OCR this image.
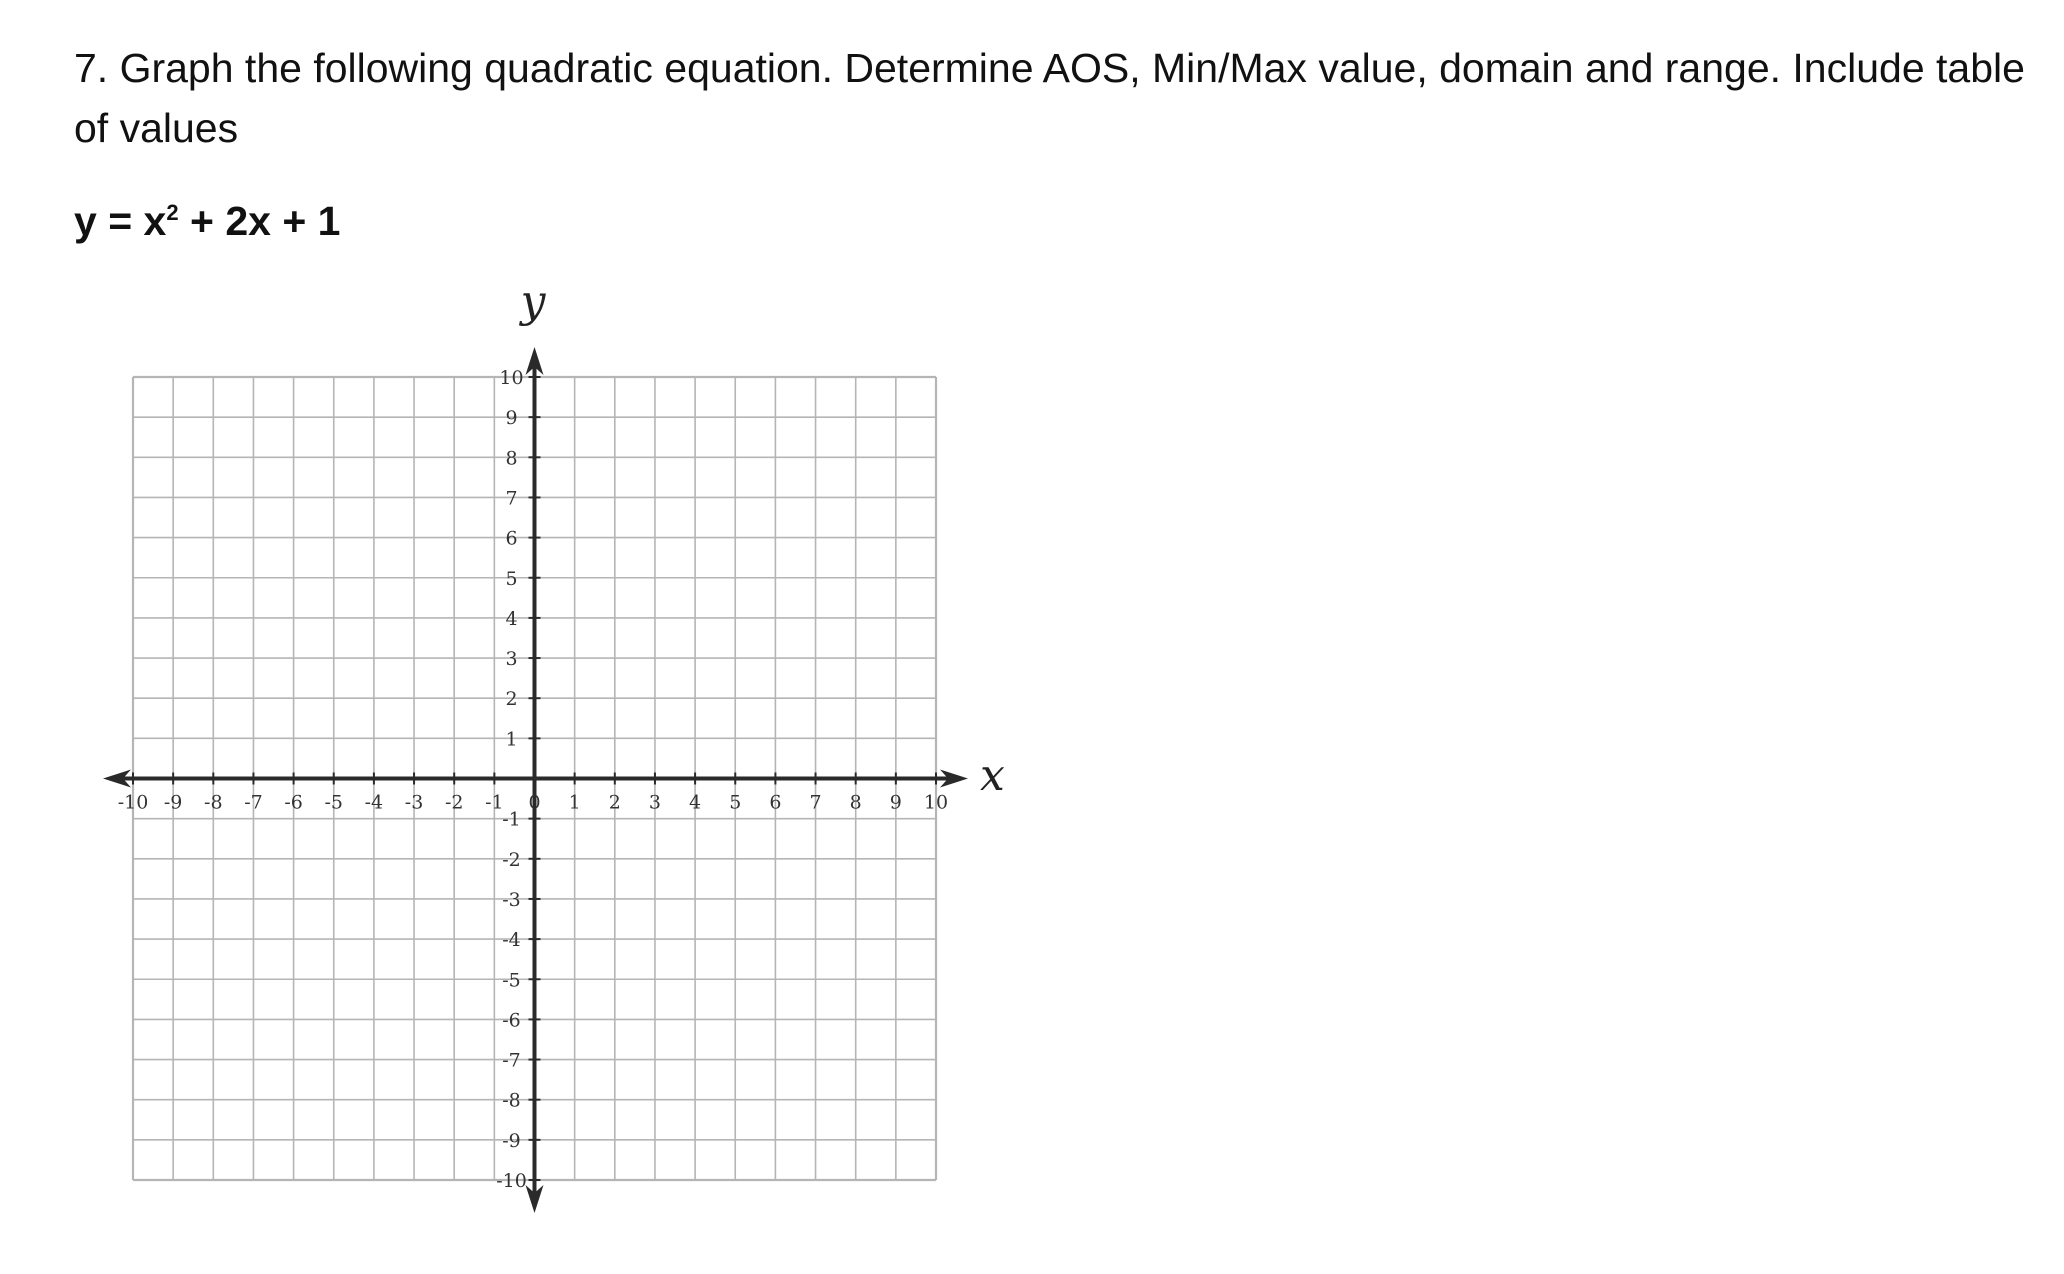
7. Graph the following quadratic equation. Determine AOS, Min/Max value, domain and range. Include table of values

$y = x^2 + 2x + 1$

-10 -9 -8 -7 -6 -5 -4 -3 -2 -1 0 1 2 3 4 5 6 7 8 9 10
10
9
8
7
6
5
4
3
2
1
-1
-2
-3
-4
-5
-6
-7
-8
-9
-10
x
y
